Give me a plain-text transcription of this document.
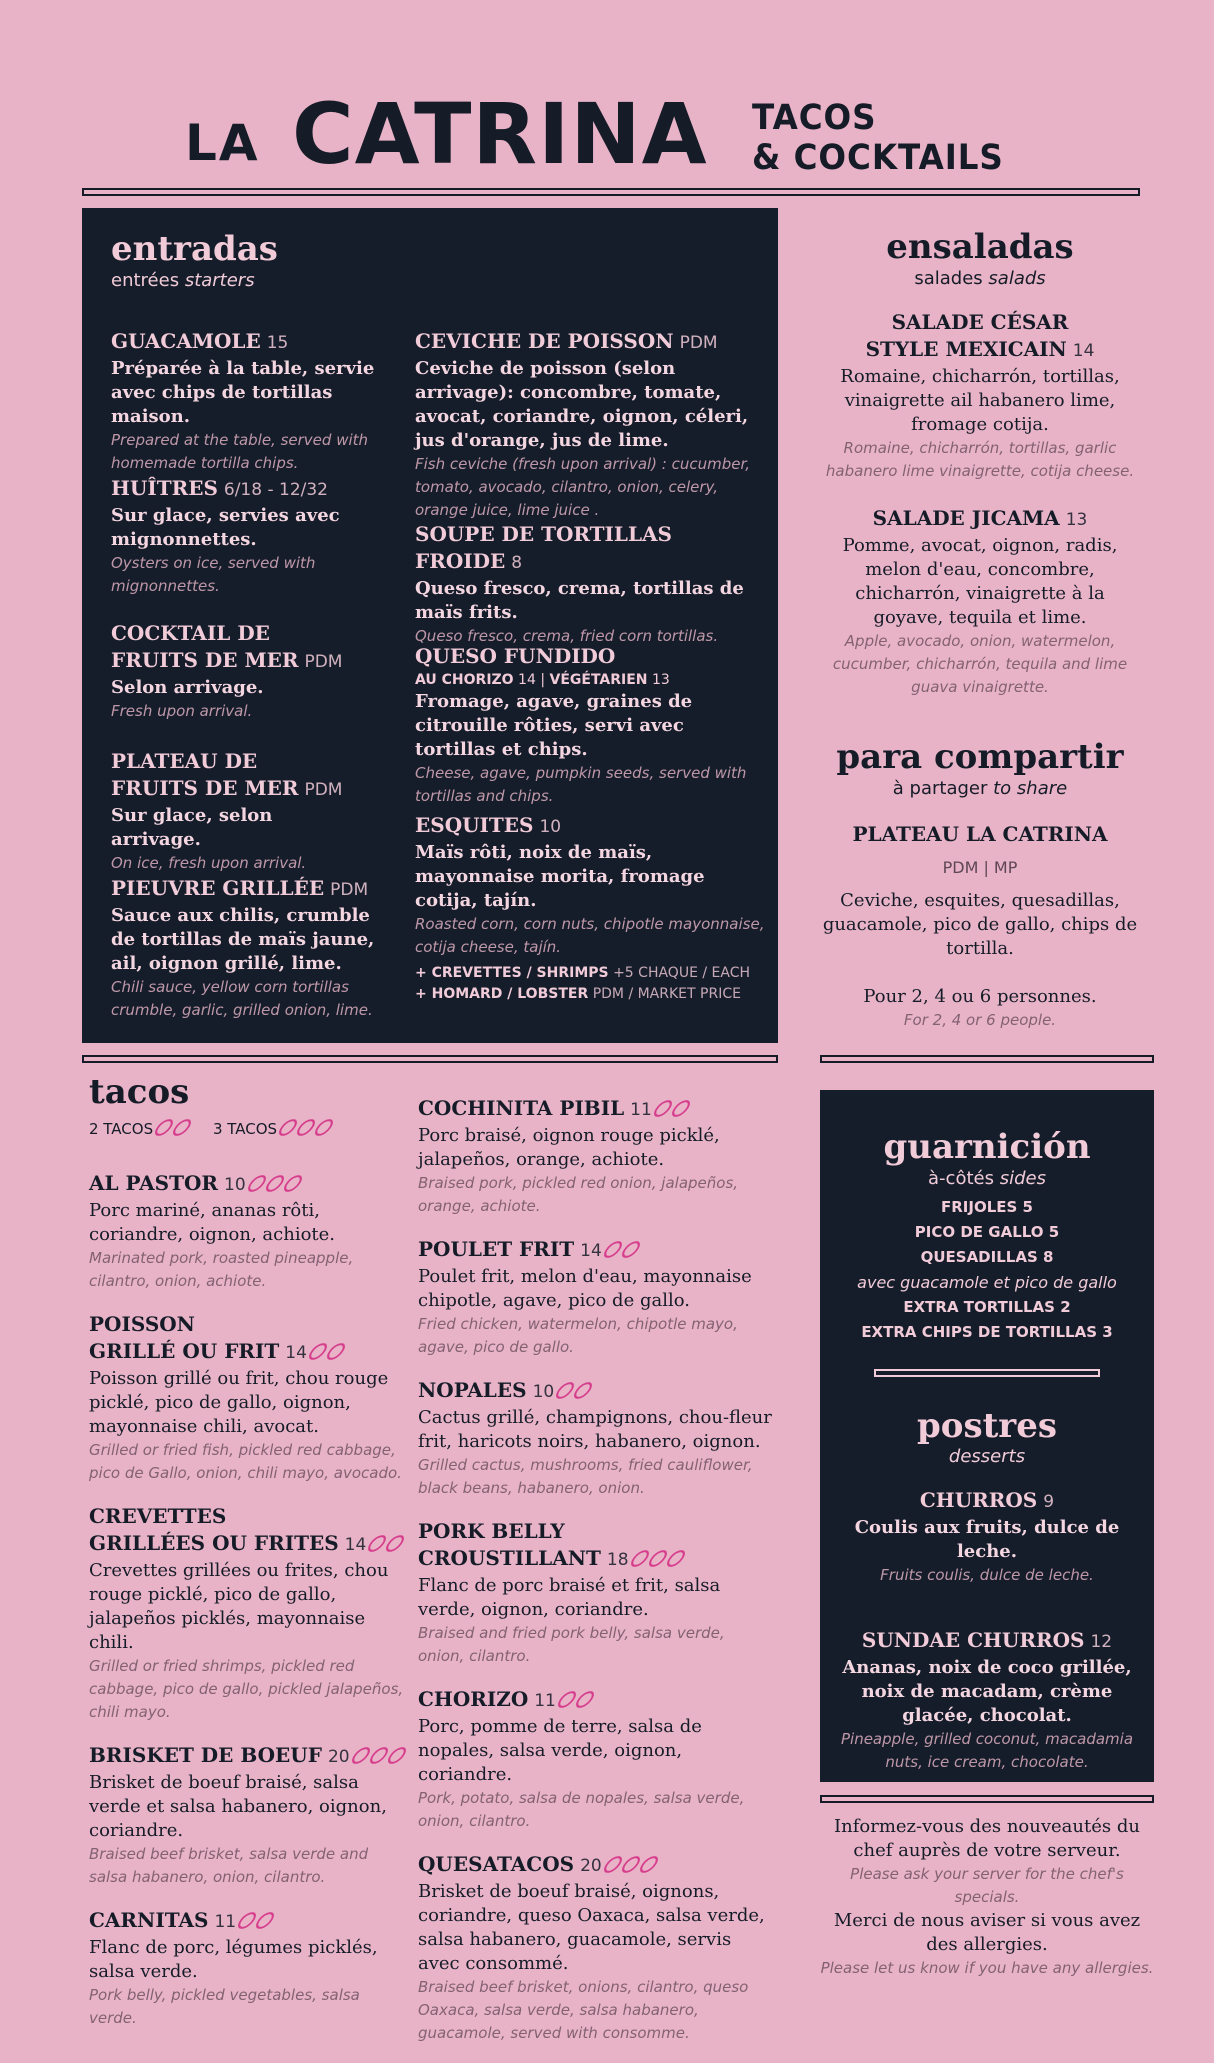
LA CATRINA TACOS
& COCKTAILS
entradas
entrées starters
GUACAMOLE 15
Préparée à la table, servie avec chips de tortillas maison.
Prepared at the table, served with homemade tortilla chips.
HUÎTRES 6/18 - 12/32
Sur glace, servies avec mignonnettes.
Oysters on ice, served with mignonnettes.
COCKTAIL DE FRUITS DE MER PDM
Selon arrivage.
Fresh upon arrival.
PLATEAU DE FRUITS DE MER PDM
Sur glace, selon arrivage.
On ice, fresh upon arrival.
PIEUVRE GRILLÉE PDM
Sauce aux chilis, crumble de tortillas de maïs jaune, ail, oignon grillé, lime.
Chili sauce, yellow corn tortillas crumble, garlic, grilled onion, lime.
CEVICHE DE POISSON PDM
Ceviche de poisson (selon arrivage): concombre, tomate, avocat, coriandre, oignon, céleri, jus d'orange, jus de lime.
Fish ceviche (fresh upon arrival) : cucumber, tomato, avocado, cilantro, onion, celery, orange juice, lime juice .
SOUPE DE TORTILLAS FROIDE 8
Queso fresco, crema, tortillas de maïs frits.
Queso fresco, crema, fried corn tortillas.
QUESO FUNDIDO
AU CHORIZO 14 | VÉGÉTARIEN 13
Fromage, agave, graines de citrouille rôties, servi avec tortillas et chips.
Cheese, agave, pumpkin seeds, served with tortillas and chips.
ESQUITES 10
Maïs rôti, noix de maïs, mayonnaise morita, fromage cotija, tajín.
Roasted corn, corn nuts, chipotle mayonnaise, cotija cheese, tajín.
+ CREVETTES / SHRIMPS +5 CHAQUE / EACH
+ HOMARD / LOBSTER PDM / MARKET PRICE
ensaladas
salades salads
SALADE CÉSAR
STYLE MEXICAIN 14
Romaine, chicharrón, tortillas, vinaigrette ail habanero lime, fromage cotija.
Romaine, chicharrón, tortillas, garlic habanero lime vinaigrette, cotija cheese.
SALADE JICAMA 13
Pomme, avocat, oignon, radis, melon d'eau, concombre, chicharrón, vinaigrette à la goyave, tequila et lime.
Apple, avocado, onion, watermelon, cucumber, chicharrón, tequila and lime guava vinaigrette.
para compartir
à partager to share
PLATEAU LA CATRINA
PDM | MP
Ceviche, esquites, quesadillas, guacamole, pico de gallo, chips de tortilla.
Pour 2, 4 ou 6 personnes.
For 2, 4 or 6 people.
tacos
2 TACOS	3 TACOS
AL PASTOR 10
Porc mariné, ananas rôti, coriandre, oignon, achiote.
Marinated pork, roasted pineapple, cilantro, onion, achiote.
POISSON
GRILLÉ OU FRIT 14
Poisson grillé ou frit, chou rouge picklé, pico de gallo, oignon, mayonnaise chili, avocat.
Grilled or fried fish, pickled red cabbage, pico de Gallo, onion, chili mayo, avocado.
CREVETTES
GRILLÉES OU FRITES 14
Crevettes grillées ou frites, chou rouge picklé, pico de gallo, jalapeños picklés, mayonnaise chili.
Grilled or fried shrimps, pickled red cabbage, pico de gallo, pickled jalapeños, chili mayo.
BRISKET DE BOEUF 20
Brisket de boeuf braisé, salsa verde et salsa habanero, oignon, coriandre.
Braised beef brisket, salsa verde and salsa habanero, onion, cilantro.
CARNITAS 11
Flanc de porc, légumes picklés, salsa verde.
Pork belly, pickled vegetables, salsa verde.
COCHINITA PIBIL 11
Porc braisé, oignon rouge picklé, jalapeños, orange, achiote.
Braised pork, pickled red onion, jalapeños, orange, achiote.
POULET FRIT 14
Poulet frit, melon d'eau, mayonnaise chipotle, agave, pico de gallo.
Fried chicken, watermelon, chipotle mayo, agave, pico de gallo.
NOPALES 10
Cactus grillé, champignons, chou-fleur frit, haricots noirs, habanero, oignon.
Grilled cactus, mushrooms, fried cauliflower, black beans, habanero, onion.
PORK BELLY
CROUSTILLANT 18
Flanc de porc braisé et frit, salsa verde, oignon, coriandre.
Braised and fried pork belly, salsa verde, onion, cilantro.
CHORIZO 11
Porc, pomme de terre, salsa de nopales, salsa verde, oignon, coriandre.
Pork, potato, salsa de nopales, salsa verde, onion, cilantro.
QUESATACOS 20
Brisket de boeuf braisé, oignons, coriandre, queso Oaxaca, salsa verde, salsa habanero, guacamole, servis avec consommé.
Braised beef brisket, onions, cilantro, queso Oaxaca, salsa verde, salsa habanero, guacamole, served with consomme.
guarnición
à-côtés sides
FRIJOLES 5
PICO DE GALLO 5
QUESADILLAS 8
avec guacamole et pico de gallo
EXTRA TORTILLAS 2
EXTRA CHIPS DE TORTILLAS 3
postres
desserts
CHURROS 9
Coulis aux fruits, dulce de leche.
Fruits coulis, dulce de leche.
SUNDAE CHURROS 12
Ananas, noix de coco grillée, noix de macadam, crème glacée, chocolat.
Pineapple, grilled coconut, macadamia nuts, ice cream, chocolate.
Informez-vous des nouveautés du chef auprès de votre serveur.
Please ask your server for the chef's specials.
Merci de nous aviser si vous avez des allergies.
Please let us know if you have any allergies.
